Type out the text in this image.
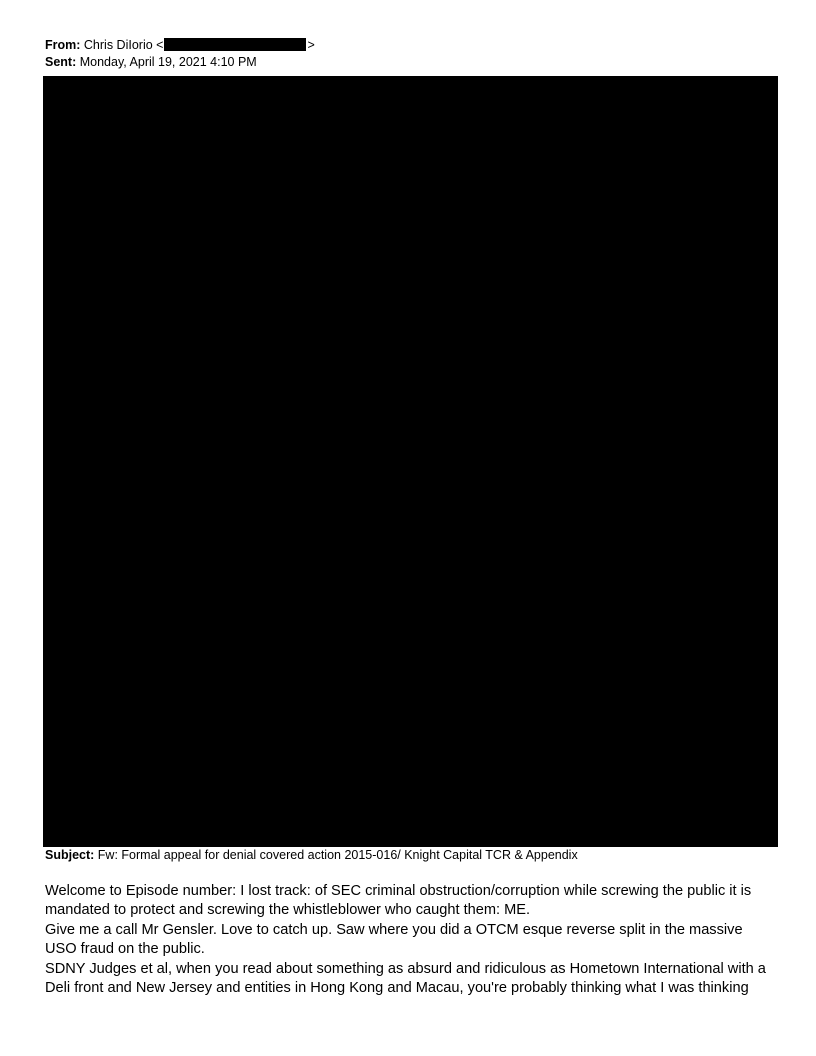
From: Chris DiIorio <	>
Sent: Monday, April 19, 2021 4:10 PM
Subject: Fw: Formal appeal for denial covered action 2015-016/ Knight Capital TCR & Appendix

Welcome to Episode number: I lost track: of SEC criminal obstruction/corruption while screwing the public it is mandated to protect and screwing the whistleblower who caught them: ME.

Give me a call Mr Gensler. Love to catch up. Saw where you did a OTCM esque reverse split in the massive USO fraud on the public.

SDNY Judges et al, when you read about something as absurd and ridiculous as Hometown International with a Deli front and New Jersey and entities in Hong Kong and Macau, you're probably thinking what I was thinking
